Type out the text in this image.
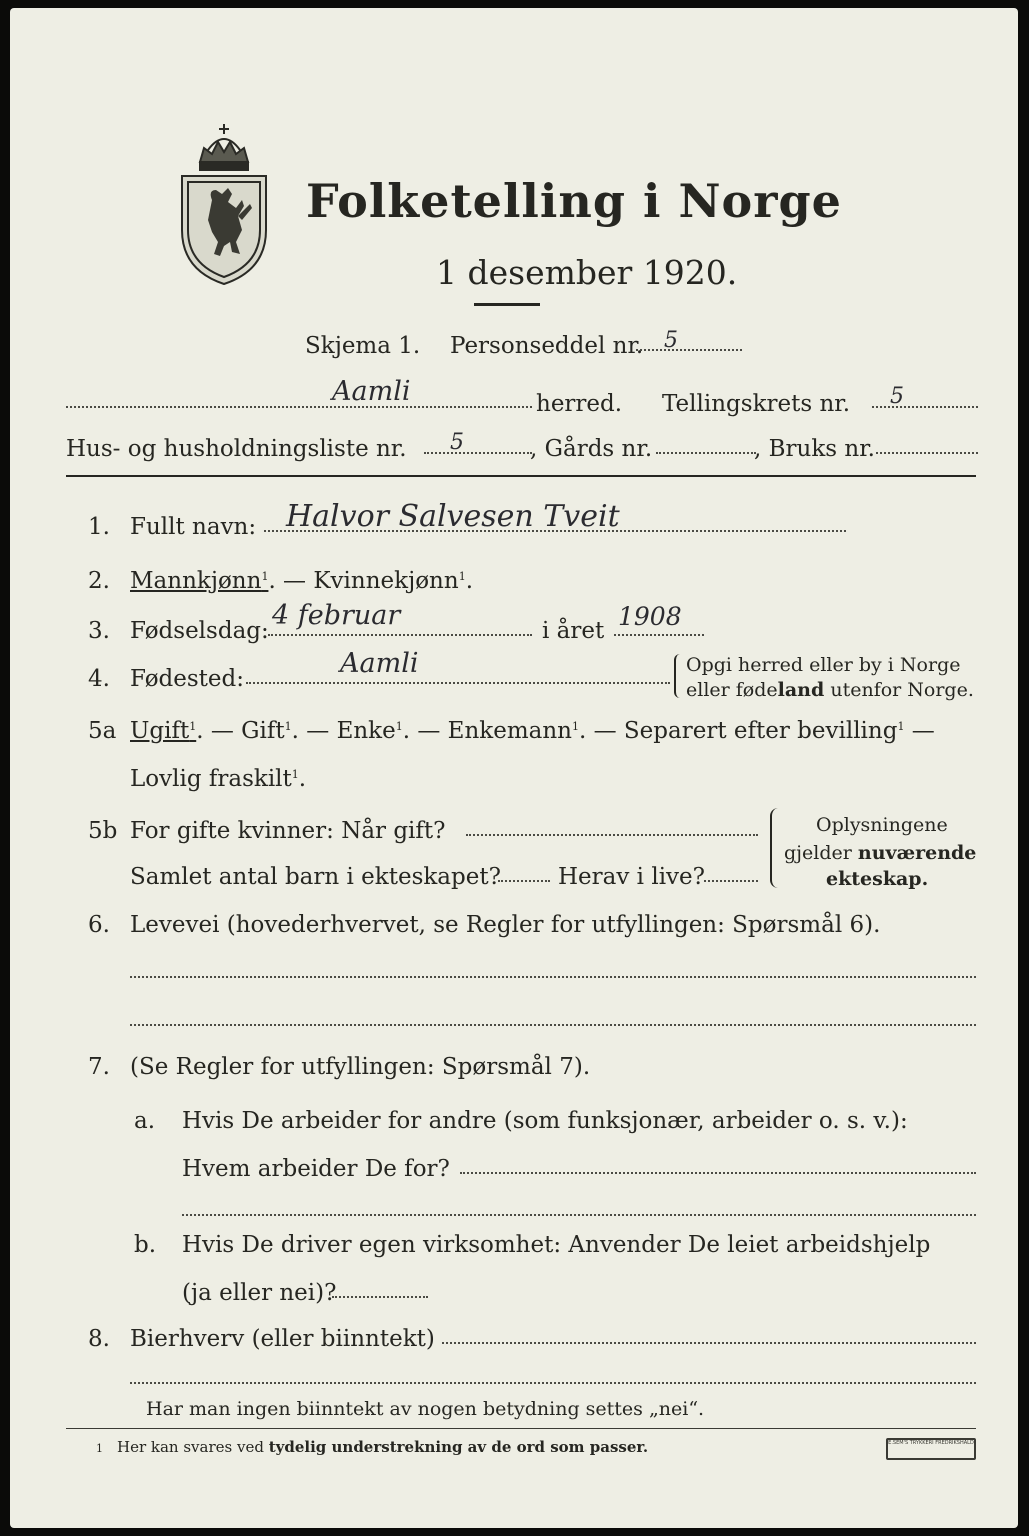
Folketelling i Norge
1 desember 1920.
Skjema 1. Personseddel nr. 5
Aamli	herred. Tellingskrets nr. 5
Hus- og husholdningsliste nr. 5	, Gårds nr.	, Bruks nr.
1. Fullt navn: Halvor Salvesen Tveit
2. Mannkjønn$^1$. — Kvinnekjønn$^1$.
3. Fødselsdag: 4 februar	i året 1908
4. Fødested:	Aamli	Opgi herred eller by i Norge
eller fødeland utenfor Norge.
5a Ugift$^1$. — Gift$^1$. — Enke$^1$. — Enkemann$^1$. — Separert efter bevilling$^1$ —
Lovlig fraskilt$^1$.
5b For gifte kvinner: Når gift?
Samlet antal barn i ekteskapet? Herav i live?
Oplysningene
gjelder nuværende
ekteskap.
6. Levevei (hovederhvervet, se Regler for utfyllingen: Spørsmål 6).
7. (Se Regler for utfyllingen: Spørsmål 7).
a. Hvis De arbeider for andre (som funksjonær, arbeider o. s. v.):
Hvem arbeider De for?
b. Hvis De driver egen virksomhet: Anvender De leiet arbeidshjelp
(ja eller nei)?
8. Bierhverv (eller biinntekt)
Har man ingen biinntekt av nogen betydning settes „nei“.
1 Her kan svares ved tydelig understrekning av de ord som passer.	E.SEM'S TRYKKERI FREDRIKSHALD
